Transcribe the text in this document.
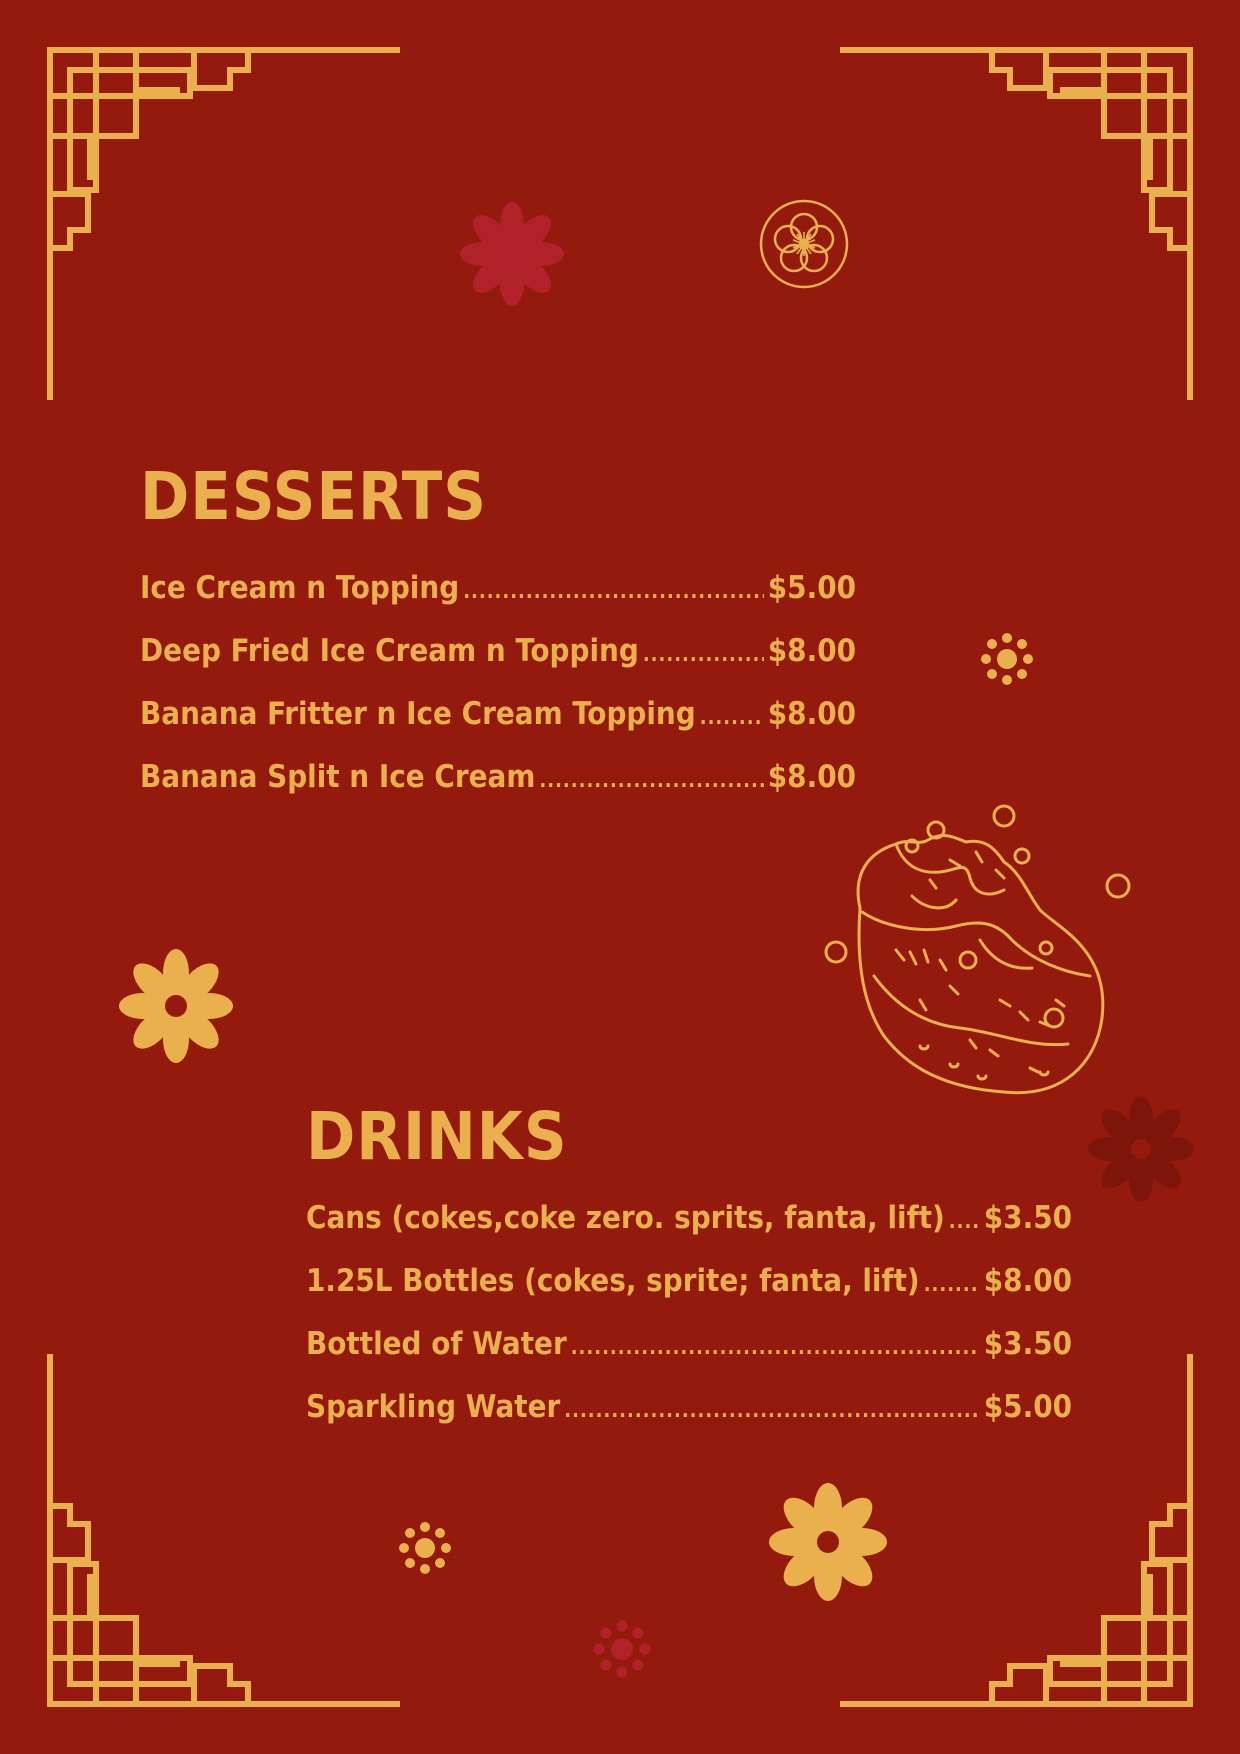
DESSERTS
Ice Cream n Topping .....	$5.00
Deep Fried Ice Cream n Topping .....	$8.00
Banana Fritter n Ice Cream Topping ..... $8.00
Banana Split n Ice Cream .....	$8.00
DRINKS
Cans (cokes,coke zero. sprits, fanta, lift) ..... $3.50
1.25L Bottles (cokes, sprite; fanta, lift) ..... $8.00
Bottled of Water .....	$3.50
Sparkling Water .....	$5.00
